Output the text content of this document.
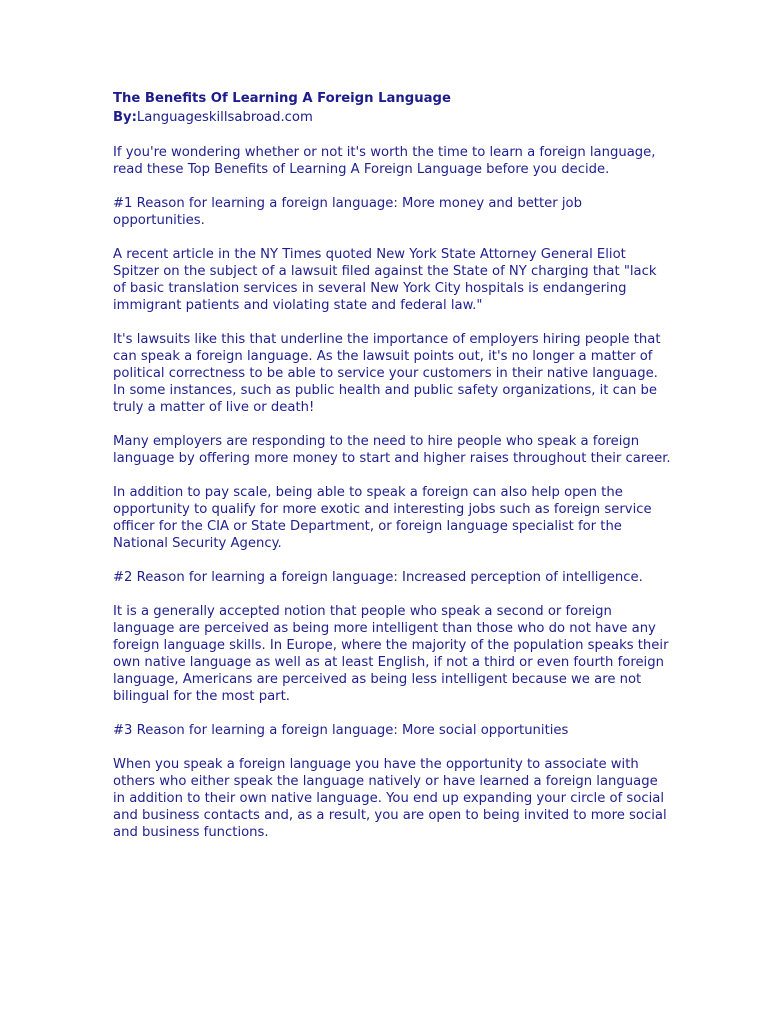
The Benefits Of Learning A Foreign Language

By:Languageskillsabroad.com

If you're wondering whether or not it's worth the time to learn a foreign language, read these Top Benefits of Learning A Foreign Language before you decide.

#1 Reason for learning a foreign language: More money and better job opportunities.

A recent article in the NY Times quoted New York State Attorney General Eliot Spitzer on the subject of a lawsuit filed against the State of NY charging that "lack of basic translation services in several New York City hospitals is endangering immigrant patients and violating state and federal law."

It's lawsuits like this that underline the importance of employers hiring people that can speak a foreign language. As the lawsuit points out, it's no longer a matter of political correctness to be able to service your customers in their native language. In some instances, such as public health and public safety organizations, it can be truly a matter of live or death!

Many employers are responding to the need to hire people who speak a foreign language by offering more money to start and higher raises throughout their career.

In addition to pay scale, being able to speak a foreign can also help open the opportunity to qualify for more exotic and interesting jobs such as foreign service officer for the CIA or State Department, or foreign language specialist for the National Security Agency.

#2 Reason for learning a foreign language: Increased perception of intelligence.

It is a generally accepted notion that people who speak a second or foreign language are perceived as being more intelligent than those who do not have any foreign language skills. In Europe, where the majority of the population speaks their own native language as well as at least English, if not a third or even fourth foreign language, Americans are perceived as being less intelligent because we are not bilingual for the most part.

#3 Reason for learning a foreign language: More social opportunities

When you speak a foreign language you have the opportunity to associate with others who either speak the language natively or have learned a foreign language in addition to their own native language. You end up expanding your circle of social and business contacts and, as a result, you are open to being invited to more social and business functions.
